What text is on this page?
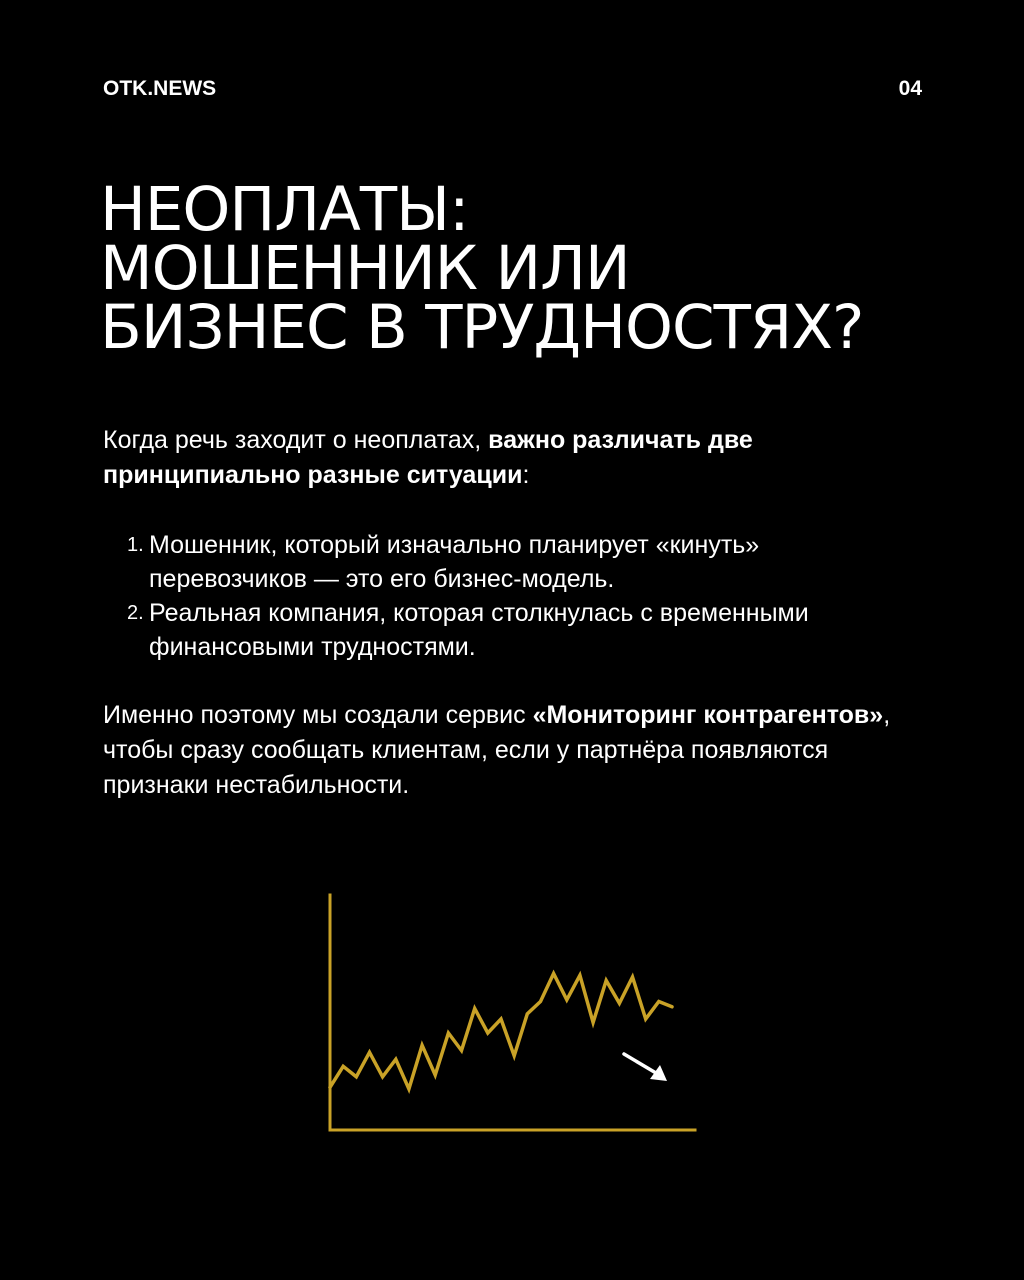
OTK.NEWS	04
НЕОПЛАТЫ:
МОШЕННИК ИЛИ
БИЗНЕС В ТРУДНОСТЯХ?

Когда речь заходит о неоплатах, важно различать две принципиально разные ситуации:

1. Мошенник, который изначально планирует «кинуть» перевозчиков — это его бизнес-модель.
2. Реальная компания, которая столкнулась с временными финансовыми трудностями.

Именно поэтому мы создали сервис «Мониторинг контрагентов», чтобы сразу сообщать клиентам, если у партнёра появляются признаки нестабильности.
